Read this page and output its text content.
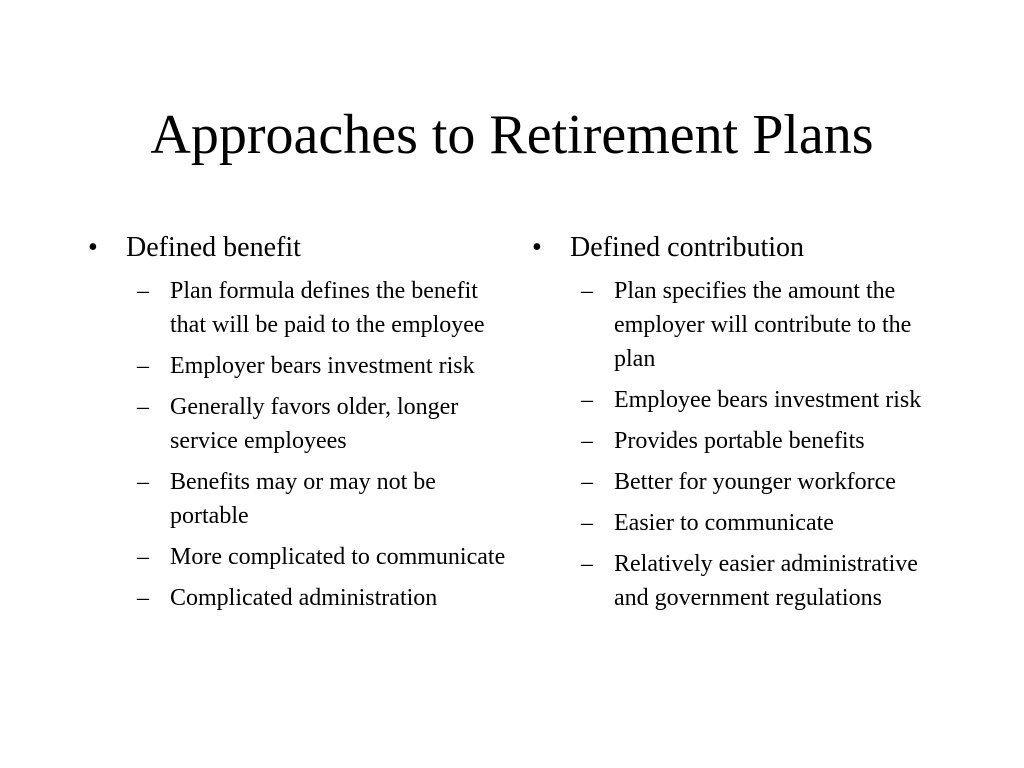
Approaches to Retirement Plans
•	Defined benefit
– Plan formula defines the benefit that will be paid to the employee
– Employer bears investment risk
– Generally favors older, longer service employees
– Benefits may or may not be portable
– More complicated to communicate
– Complicated administration
•	Defined contribution
– Plan specifies the amount the employer will contribute to the plan
– Employee bears investment risk
– Provides portable benefits
– Better for younger workforce
– Easier to communicate
– Relatively easier administrative and government regulations
